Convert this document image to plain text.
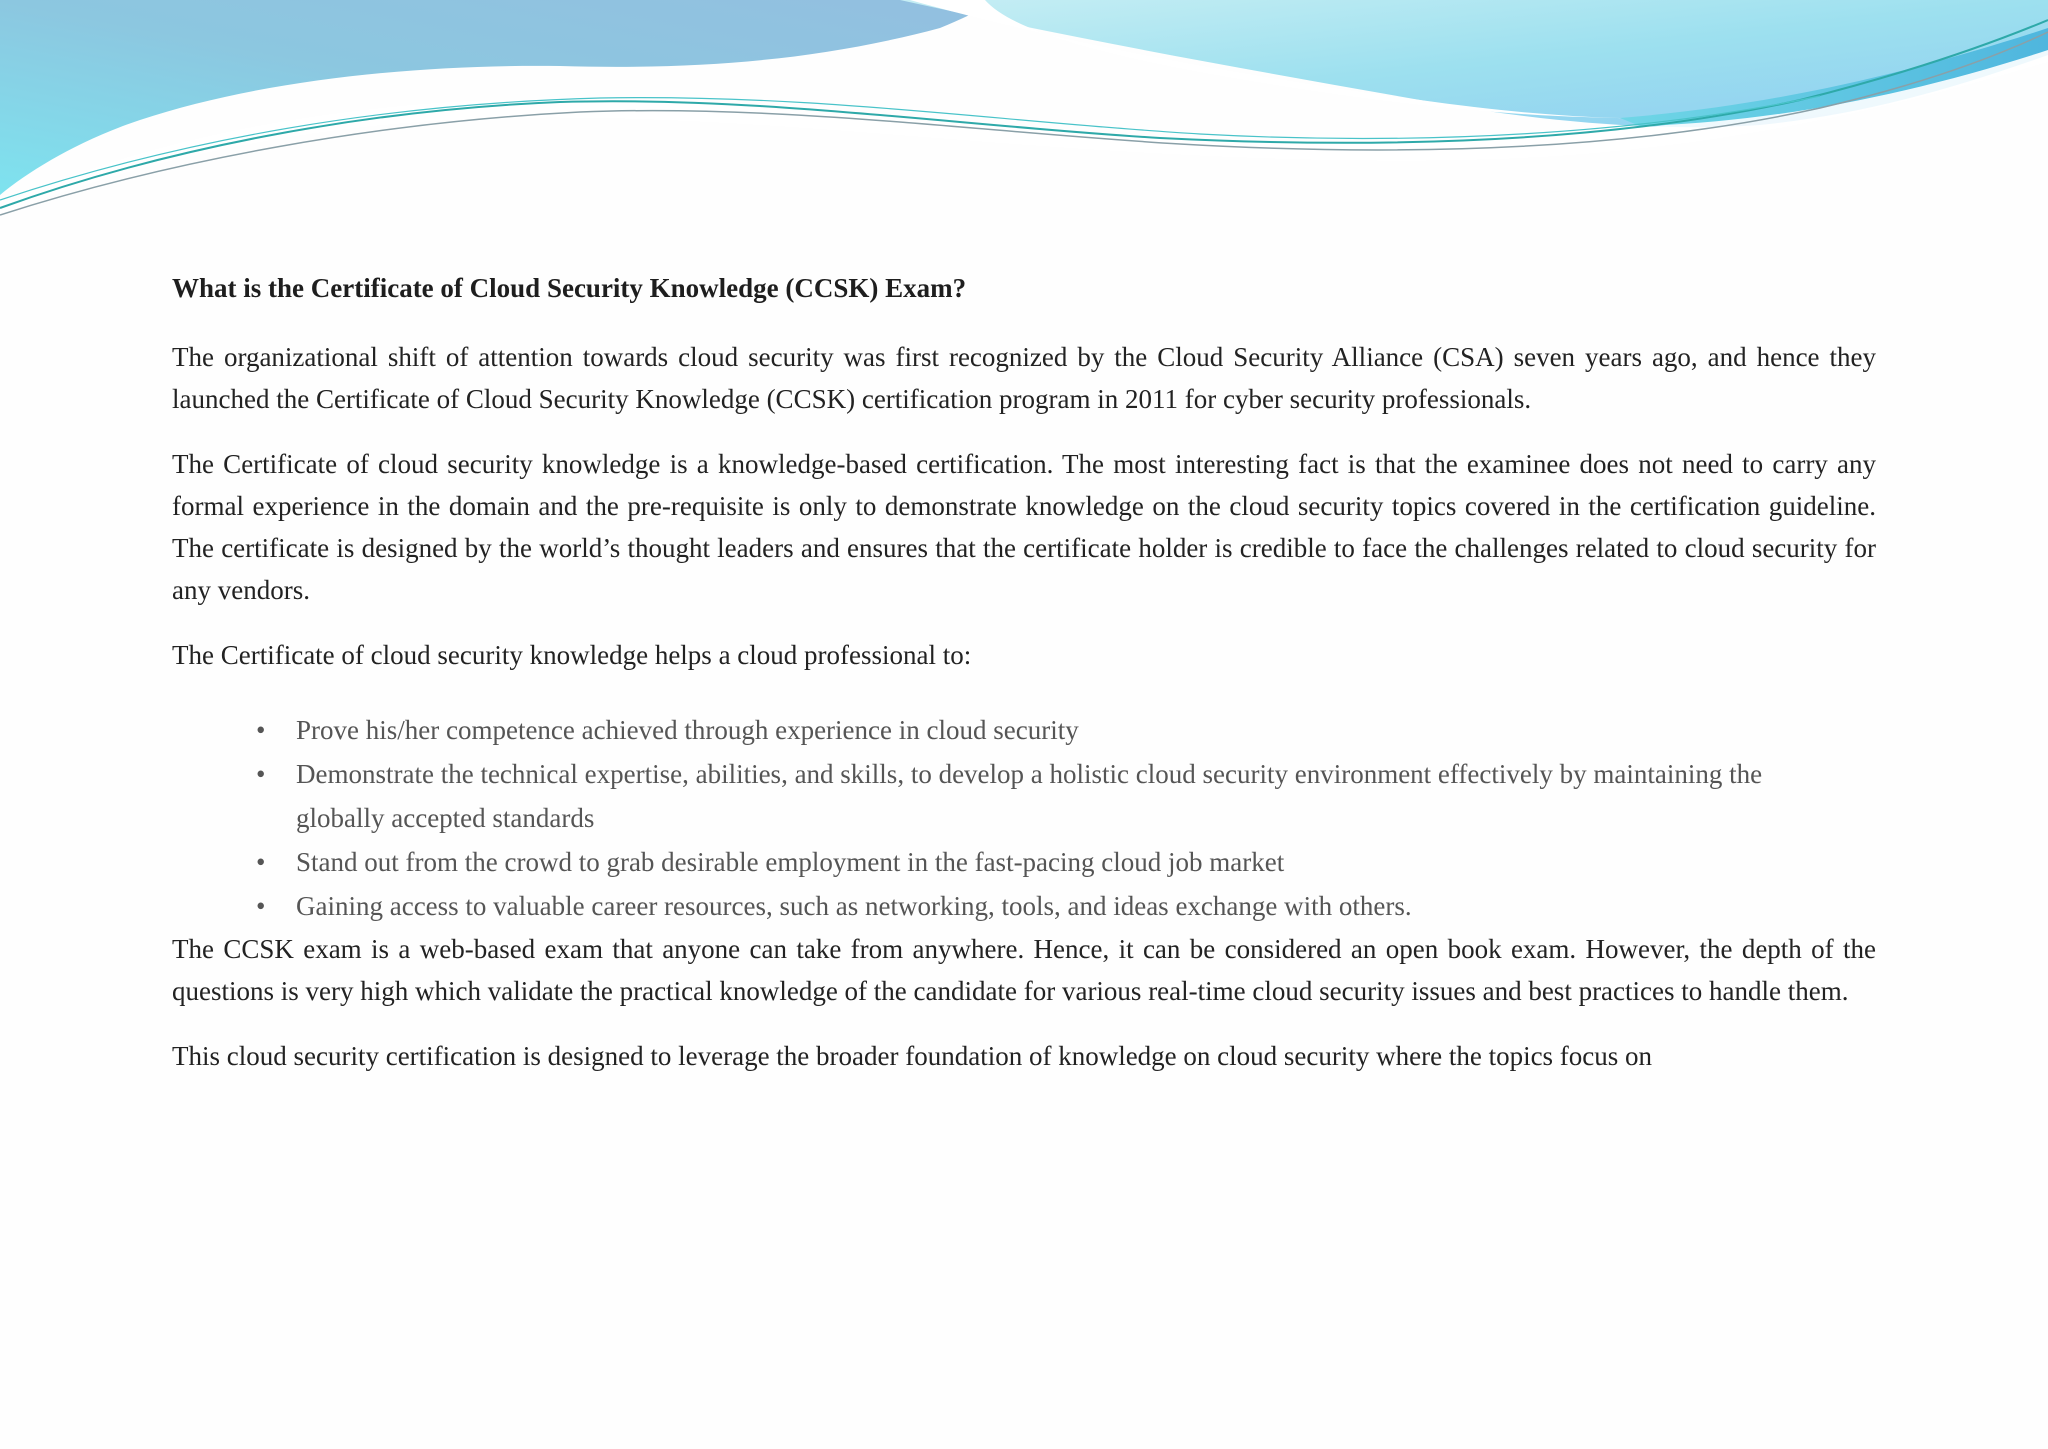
What is the Certificate of Cloud Security Knowledge (CCSK) Exam?

The organizational shift of attention towards cloud security was first recognized by the Cloud Security Alliance (CSA) seven years ago, and hence they launched the Certificate of Cloud Security Knowledge (CCSK) certification program in 2011 for cyber security professionals.

The Certificate of cloud security knowledge is a knowledge-based certification. The most interesting fact is that the examinee does not need to carry any formal experience in the domain and the pre-requisite is only to demonstrate knowledge on the cloud security topics covered in the certification guideline. The certificate is designed by the world’s thought leaders and ensures that the certificate holder is credible to face the challenges related to cloud security for any vendors.

The Certificate of cloud security knowledge helps a cloud professional to:

•	Prove his/her competence achieved through experience in cloud security
•	Demonstrate the technical expertise, abilities, and skills, to develop a holistic cloud security environment effectively by maintaining the globally accepted standards
•	Stand out from the crowd to grab desirable employment in the fast-pacing cloud job market
•	Gaining access to valuable career resources, such as networking, tools, and ideas exchange with others.

The CCSK exam is a web-based exam that anyone can take from anywhere. Hence, it can be considered an open book exam. However, the depth of the questions is very high which validate the practical knowledge of the candidate for various real-time cloud security issues and best practices to handle them.

This cloud security certification is designed to leverage the broader foundation of knowledge on cloud security where the topics focus on
